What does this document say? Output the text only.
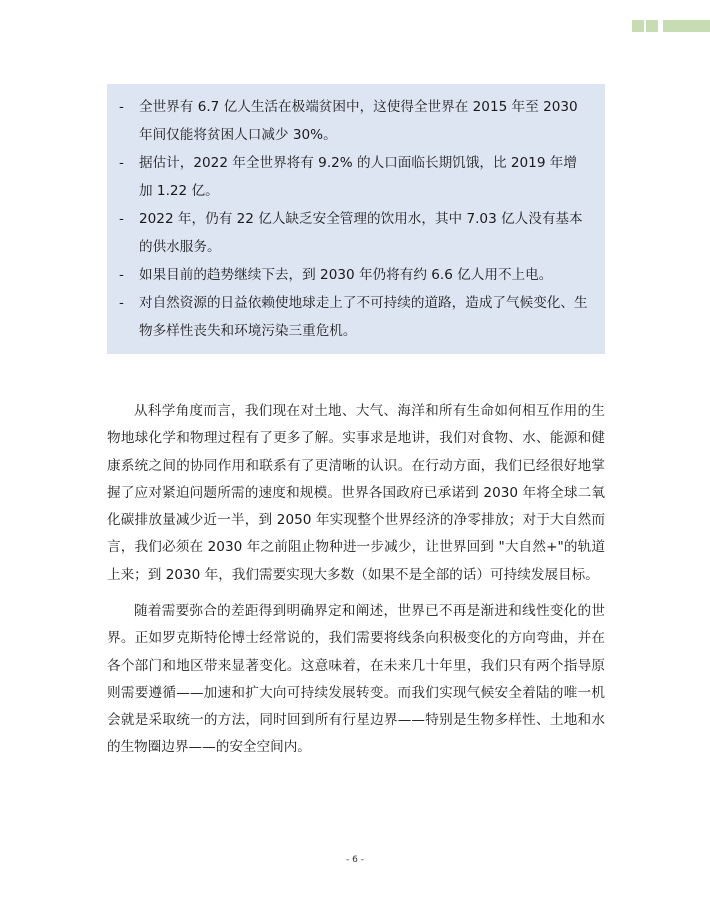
- 全世界有 6.7 亿人生活在极端贫困中，这使得全世界在 2015 年至 2030 年间仅能将贫困人口减少 30%。
- 据估计，2022 年全世界将有 9.2% 的人口面临长期饥饿，比 2019 年增加 1.22 亿。
- 2022 年，仍有 22 亿人缺乏安全管理的饮用水，其中 7.03 亿人没有基本的供水服务。
- 如果目前的趋势继续下去，到 2030 年仍将有约 6.6 亿人用不上电。
- 对自然资源的日益依赖使地球走上了不可持续的道路，造成了气候变化、生物多样性丧失和环境污染三重危机。

从科学角度而言，我们现在对土地、大气、海洋和所有生命如何相互作用的生物地球化学和物理过程有了更多了解。实事求是地讲，我们对食物、水、能源和健康系统之间的协同作用和联系有了更清晰的认识。在行动方面，我们已经很好地掌握了应对紧迫问题所需的速度和规模。世界各国政府已承诺到 2030 年将全球二氧化碳排放量减少近一半，到 2050 年实现整个世界经济的净零排放；对于大自然而言，我们必须在 2030 年之前阻止物种进一步减少，让世界回到 "大自然+"的轨道上来；到 2030 年，我们需要实现大多数（如果不是全部的话）可持续发展目标。

随着需要弥合的差距得到明确界定和阐述，世界已不再是渐进和线性变化的世界。正如罗克斯特伦博士经常说的，我们需要将线条向积极变化的方向弯曲，并在各个部门和地区带来显著变化。这意味着，在未来几十年里，我们只有两个指导原则需要遵循——加速和扩大向可持续发展转变。而我们实现气候安全着陆的唯一机会就是采取统一的方法，同时回到所有行星边界——特别是生物多样性、土地和水的生物圈边界——的安全空间内。

- 6 -
